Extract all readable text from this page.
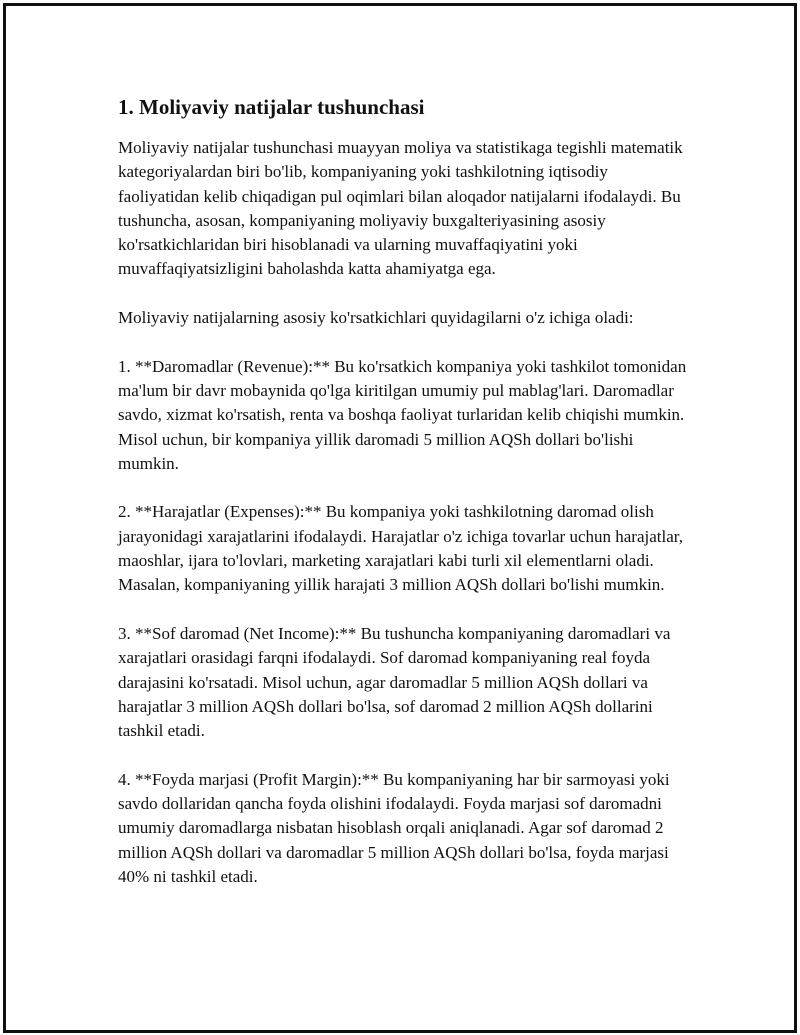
1. Moliyaviy natijalar tushunchasi

Moliyaviy natijalar tushunchasi muayyan moliya va statistikaga tegishli matematik kategoriyalardan biri bo'lib, kompaniyaning yoki tashkilotning iqtisodiy faoliyatidan kelib chiqadigan pul oqimlari bilan aloqador natijalarni ifodalaydi. Bu tushuncha, asosan, kompaniyaning moliyaviy buxgalteriyasining asosiy ko'rsatkichlaridan biri hisoblanadi va ularning muvaffaqiyatini yoki muvaffaqiyatsizligini baholashda katta ahamiyatga ega.

Moliyaviy natijalarning asosiy ko'rsatkichlari quyidagilarni o'z ichiga oladi:

1. **Daromadlar (Revenue):** Bu ko'rsatkich kompaniya yoki tashkilot tomonidan ma'lum bir davr mobaynida qo'lga kiritilgan umumiy pul mablag'lari. Daromadlar savdo, xizmat ko'rsatish, renta va boshqa faoliyat turlaridan kelib chiqishi mumkin. Misol uchun, bir kompaniya yillik daromadi 5 million AQSh dollari bo'lishi mumkin.

2. **Harajatlar (Expenses):** Bu kompaniya yoki tashkilotning daromad olish jarayonidagi xarajatlarini ifodalaydi. Harajatlar o'z ichiga tovarlar uchun harajatlar, maoshlar, ijara to'lovlari, marketing xarajatlari kabi turli xil elementlarni oladi. Masalan, kompaniyaning yillik harajati 3 million AQSh dollari bo'lishi mumkin.

3. **Sof daromad (Net Income):** Bu tushuncha kompaniyaning daromadlari va xarajatlari orasidagi farqni ifodalaydi. Sof daromad kompaniyaning real foyda darajasini ko'rsatadi. Misol uchun, agar daromadlar 5 million AQSh dollari va harajatlar 3 million AQSh dollari bo'lsa, sof daromad 2 million AQSh dollarini tashkil etadi.

4. **Foyda marjasi (Profit Margin):** Bu kompaniyaning har bir sarmoyasi yoki savdo dollaridan qancha foyda olishini ifodalaydi. Foyda marjasi sof daromadni umumiy daromadlarga nisbatan hisoblash orqali aniqlanadi. Agar sof daromad 2 million AQSh dollari va daromadlar 5 million AQSh dollari bo'lsa, foyda marjasi 40% ni tashkil etadi.
